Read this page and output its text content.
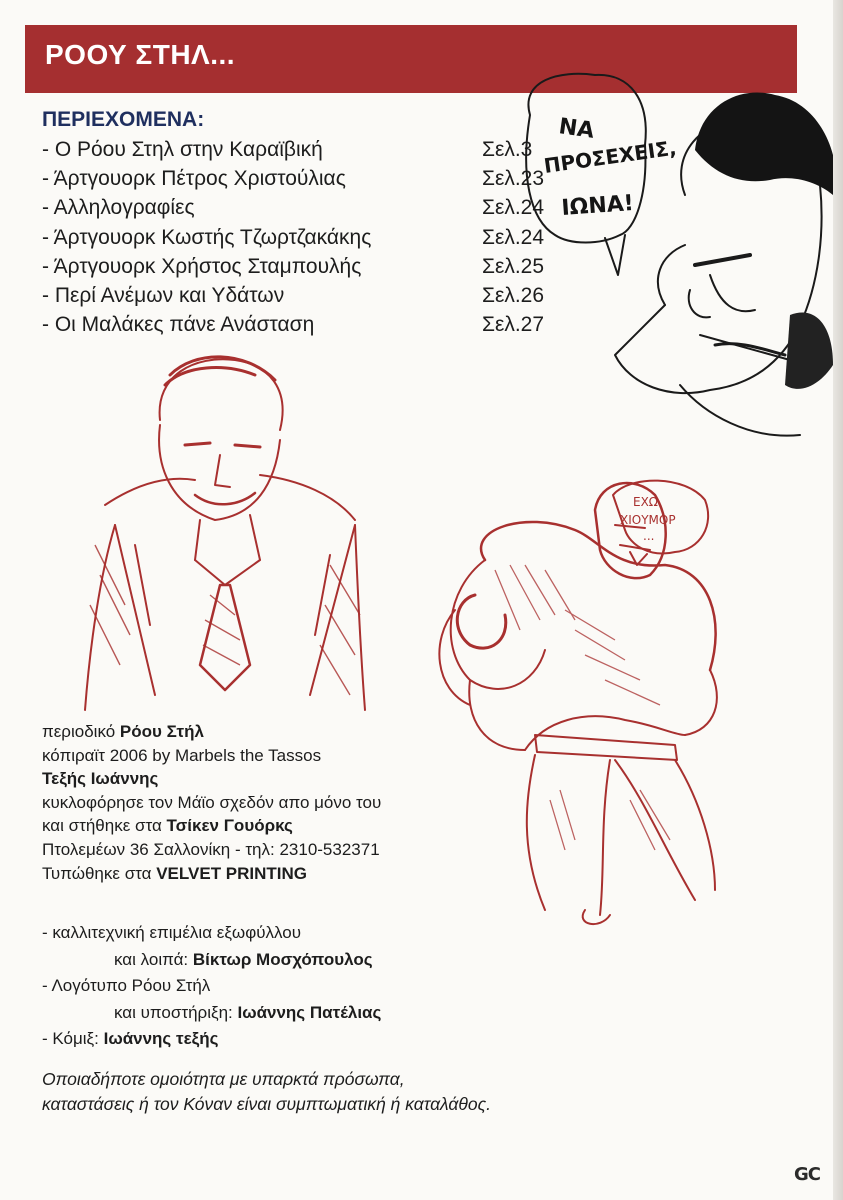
ΡΟΟΥ ΣΤΗΛ...
ΠΕΡΙΕΧΟΜΕΝΑ:
- Ο Ρόου Στηλ στην Καραϊβική	Σελ.3
- Άρτγουορκ Πέτρος Χριστούλιας	Σελ.23
- Αλληλογραφίες	Σελ.24
- Άρτγουορκ Κωστής Τζωρτζακάκης	Σελ.24
- Άρτγουορκ Χρήστος Σταμπουλής	Σελ.25
- Περί Ανέμων και Υδάτων	Σελ.26
- Οι Μαλάκες πάνε Ανάσταση	Σελ.27
ΝΑ
ΠΡΟΣΕΧΕΙΣ,
ΙΩΝΑ!
ΕΧΩ
ΧΙΟΥΜΟΡ
...
περιοδικό Ρόου Στήλ
κόπιραϊτ 2006 by Marbels the Tassos
Τεξής Ιωάννης
κυκλοφόρησε τον Μάϊο σχεδόν απο μόνο του
και στήθηκε στα Τσίκεν Γουόρκς
Πτολεμέων 36 Σαλλονίκη - τηλ: 2310-532371
Τυπώθηκε στα VELVET PRINTING
- καλλιτεχνική επιμέλια εξωφύλλου
και λοιπά: Βίκτωρ Μοσχόπουλος
- Λογότυπο Ρόου Στήλ
και υποστήριξη: Ιωάννης Πατέλιας
- Κόμιξ: Ιωάννης τεξής
Οποιαδήποτε ομοιότητα με υπαρκτά πρόσωπα,
καταστάσεις ή τον Κόναν είναι συμπτωματική ή καταλάθος.
GC
